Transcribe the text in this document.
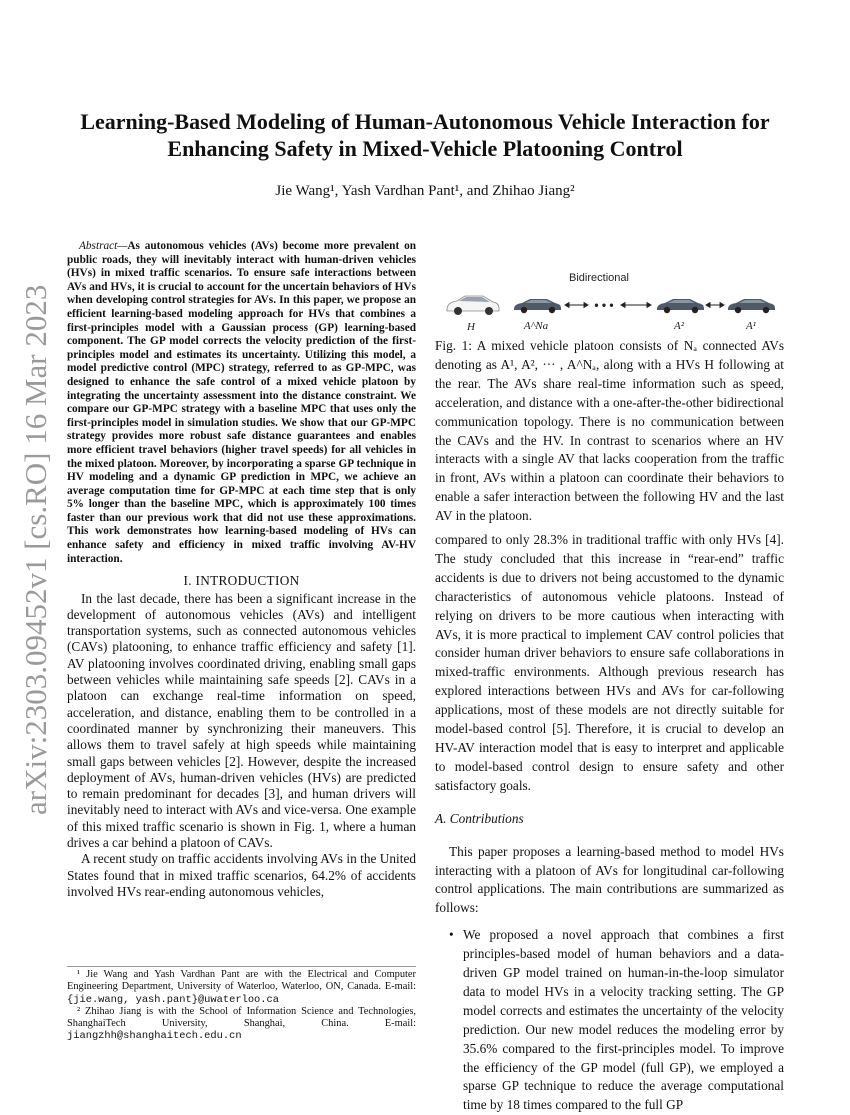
arXiv:2303.09452v1 [cs.RO] 16 Mar 2023
Learning-Based Modeling of Human-Autonomous Vehicle Interaction for Enhancing Safety in Mixed-Vehicle Platooning Control
Jie Wang¹, Yash Vardhan Pant¹, and Zhihao Jiang²

Abstract—As autonomous vehicles (AVs) become more prevalent on public roads, they will inevitably interact with human-driven vehicles (HVs) in mixed traffic scenarios. To ensure safe interactions between AVs and HVs, it is crucial to account for the uncertain behaviors of HVs when developing control strategies for AVs. In this paper, we propose an efficient learning-based modeling approach for HVs that combines a first-principles model with a Gaussian process (GP) learning-based component. The GP model corrects the velocity prediction of the first-principles model and estimates its uncertainty. Utilizing this model, a model predictive control (MPC) strategy, referred to as GP-MPC, was designed to enhance the safe control of a mixed vehicle platoon by integrating the uncertainty assessment into the distance constraint. We compare our GP-MPC strategy with a baseline MPC that uses only the first-principles model in simulation studies. We show that our GP-MPC strategy provides more robust safe distance guarantees and enables more efficient travel behaviors (higher travel speeds) for all vehicles in the mixed platoon. Moreover, by incorporating a sparse GP technique in HV modeling and a dynamic GP prediction in MPC, we achieve an average computation time for GP-MPC at each time step that is only 5% longer than the baseline MPC, which is approximately 100 times faster than our previous work that did not use these approximations. This work demonstrates how learning-based modeling of HVs can enhance safety and efficiency in mixed traffic involving AV-HV interaction.

I. INTRODUCTION

In the last decade, there has been a significant increase in the development of autonomous vehicles (AVs) and intelligent transportation systems, such as connected autonomous vehicles (CAVs) platooning, to enhance traffic efficiency and safety [1]. AV platooning involves coordinated driving, enabling small gaps between vehicles while maintaining safe speeds [2]. CAVs in a platoon can exchange real-time information on speed, acceleration, and distance, enabling them to be controlled in a coordinated manner by synchronizing their maneuvers. This allows them to travel safely at high speeds while maintaining small gaps between vehicles [2]. However, despite the increased deployment of AVs, human-driven vehicles (HVs) are predicted to remain predominant for decades [3], and human drivers will inevitably need to interact with AVs and vice-versa. One example of this mixed traffic scenario is shown in Fig. 1, where a human drives a car behind a platoon of CAVs.

A recent study on traffic accidents involving AVs in the United States found that in mixed traffic scenarios, 64.2% of accidents involved HVs rear-ending autonomous vehicles,

¹ Jie Wang and Yash Vardhan Pant are with the Electrical and Computer Engineering Department, University of Waterloo, Waterloo, ON, Canada. E-mail: {jie.wang, yash.pant}@uwaterloo.ca

² Zhihao Jiang is with the School of Information Science and Technologies, ShanghaiTech University, Shanghai, China. E-mail: jiangzhh@shanghaitech.edu.cn

Bidirectional
• • •
H	A^Na	A²	A¹

Fig. 1: A mixed vehicle platoon consists of Nₐ connected AVs denoting as A¹, A², ··· , A^Nₐ, along with a HVs H following at the rear. The AVs share real-time information such as speed, acceleration, and distance with a one-after-the-other bidirectional communication topology. There is no communication between the CAVs and the HV. In contrast to scenarios where an HV interacts with a single AV that lacks cooperation from the traffic in front, AVs within a platoon can coordinate their behaviors to enable a safer interaction between the following HV and the last AV in the platoon.

compared to only 28.3% in traditional traffic with only HVs [4]. The study concluded that this increase in “rear-end” traffic accidents is due to drivers not being accustomed to the dynamic characteristics of autonomous vehicle platoons. Instead of relying on drivers to be more cautious when interacting with AVs, it is more practical to implement CAV control policies that consider human driver behaviors to ensure safe collaborations in mixed-traffic environments. Although previous research has explored interactions between HVs and AVs for car-following applications, most of these models are not directly suitable for model-based control [5]. Therefore, it is crucial to develop an HV-AV interaction model that is easy to interpret and applicable to model-based control design to ensure safety and other satisfactory goals.

A. Contributions

This paper proposes a learning-based method to model HVs interacting with a platoon of AVs for longitudinal car-following control applications. The main contributions are summarized as follows:

• We proposed a novel approach that combines a first principles-based model of human behaviors and a data-driven GP model trained on human-in-the-loop simulator data to model HVs in a velocity tracking setting. The GP model corrects and estimates the uncertainty of the velocity prediction. Our new model reduces the modeling error by 35.6% compared to the first-principles model. To improve the efficiency of the GP model (full GP), we employed a sparse GP technique to reduce the average computational time by 18 times compared to the full GP
